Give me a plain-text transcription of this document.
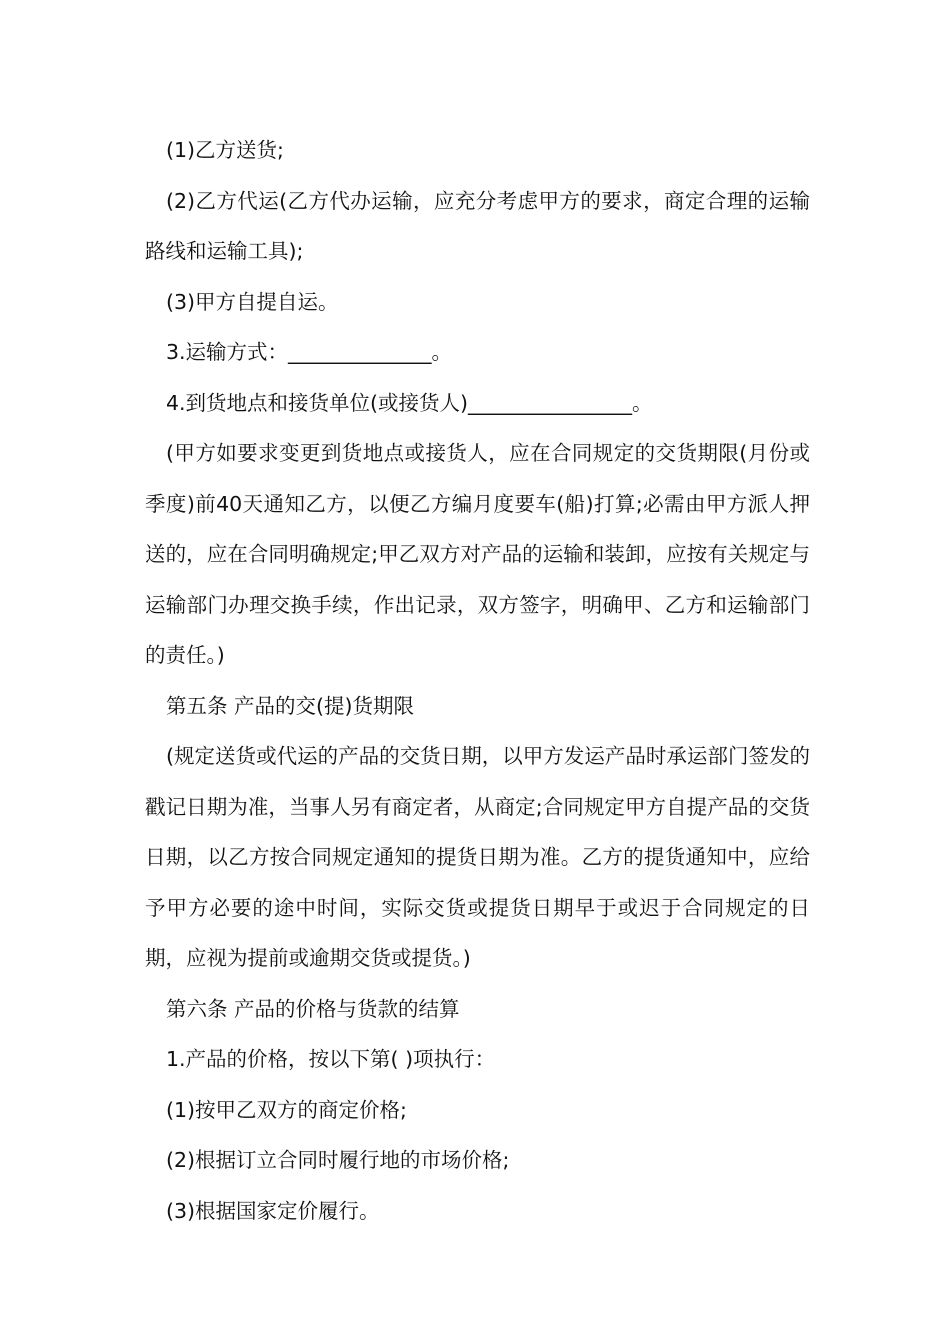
(1)乙方送货;

(2)乙方代运(乙方代办运输，应充分考虑甲方的要求，商定合理的运输路线和运输工具);

(3)甲方自提自运。

3.运输方式：______________。

4.到货地点和接货单位(或接货人)________________。

(甲方如要求变更到货地点或接货人，应在合同规定的交货期限(月份或季度)前40天通知乙方，以便乙方编月度要车(船)打算;必需由甲方派人押送的，应在合同明确规定;甲乙双方对产品的运输和装卸，应按有关规定与运输部门办理交换手续，作出记录，双方签字，明确甲、乙方和运输部门的责任。)

第五条 产品的交(提)货期限

(规定送货或代运的产品的交货日期，以甲方发运产品时承运部门签发的戳记日期为准，当事人另有商定者，从商定;合同规定甲方自提产品的交货日期，以乙方按合同规定通知的提货日期为准。乙方的提货通知中，应给予甲方必要的途中时间，实际交货或提货日期早于或迟于合同规定的日期，应视为提前或逾期交货或提货。)

第六条 产品的价格与货款的结算

1.产品的价格，按以下第( )项执行：

(1)按甲乙双方的商定价格;

(2)根据订立合同时履行地的市场价格;

(3)根据国家定价履行。
